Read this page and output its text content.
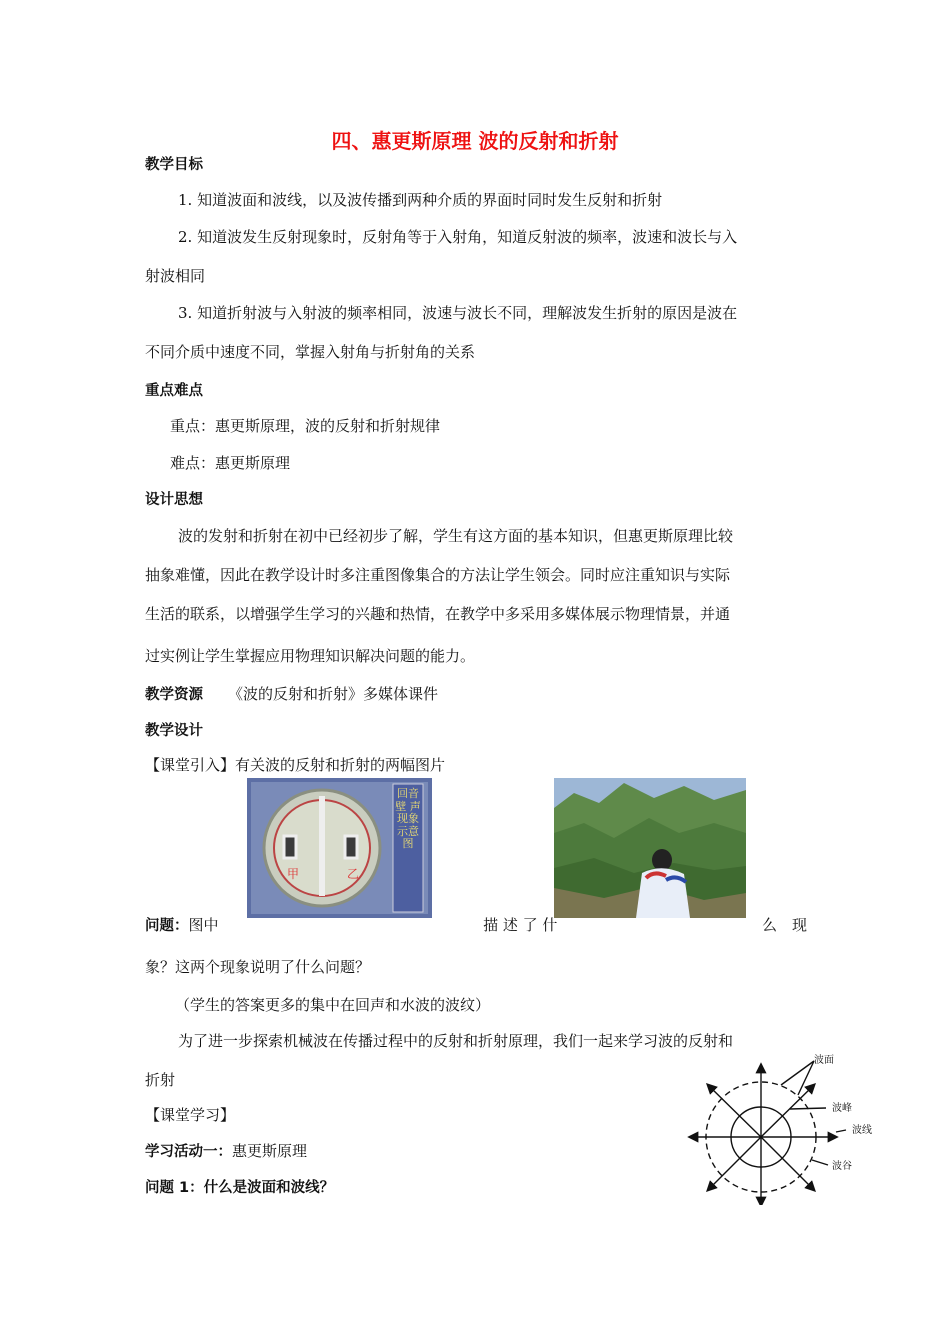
四、惠更斯原理 波的反射和折射
教学目标
1. 知道波面和波线，以及波传播到两种介质的界面时同时发生反射和折射
2. 知道波发生反射现象时，反射角等于入射角，知道反射波的频率，波速和波长与入
射波相同
3. 知道折射波与入射波的频率相同，波速与波长不同，理解波发生折射的原因是波在
不同介质中速度不同，掌握入射角与折射角的关系
重点难点
重点：惠更斯原理，波的反射和折射规律
难点：惠更斯原理
设计思想
波的发射和折射在初中已经初步了解，学生有这方面的基本知识，但惠更斯原理比较
抽象难懂，因此在教学设计时多注重图像集合的方法让学生领会。同时应注重知识与实际
生活的联系，以增强学生学习的兴趣和热情，在教学中多采用多媒体展示物理情景，并通
过实例让学生掌握应用物理知识解决问题的能力。
教学资源 《波的反射和折射》多媒体课件
教学设计
【课堂引入】有关波的反射和折射的两幅图片
甲	乙
回音壁 声现象示意图
问题：图中	描 述 了 什	么　现
象？这两个现象说明了什么问题？
（学生的答案更多的集中在回声和水波的波纹）
为了进一步探索机械波在传播过程中的反射和折射原理，我们一起来学习波的反射和
折射
【课堂学习】
学习活动一：惠更斯原理
问题 1：什么是波面和波线？
波面
波峰
波线
波谷
